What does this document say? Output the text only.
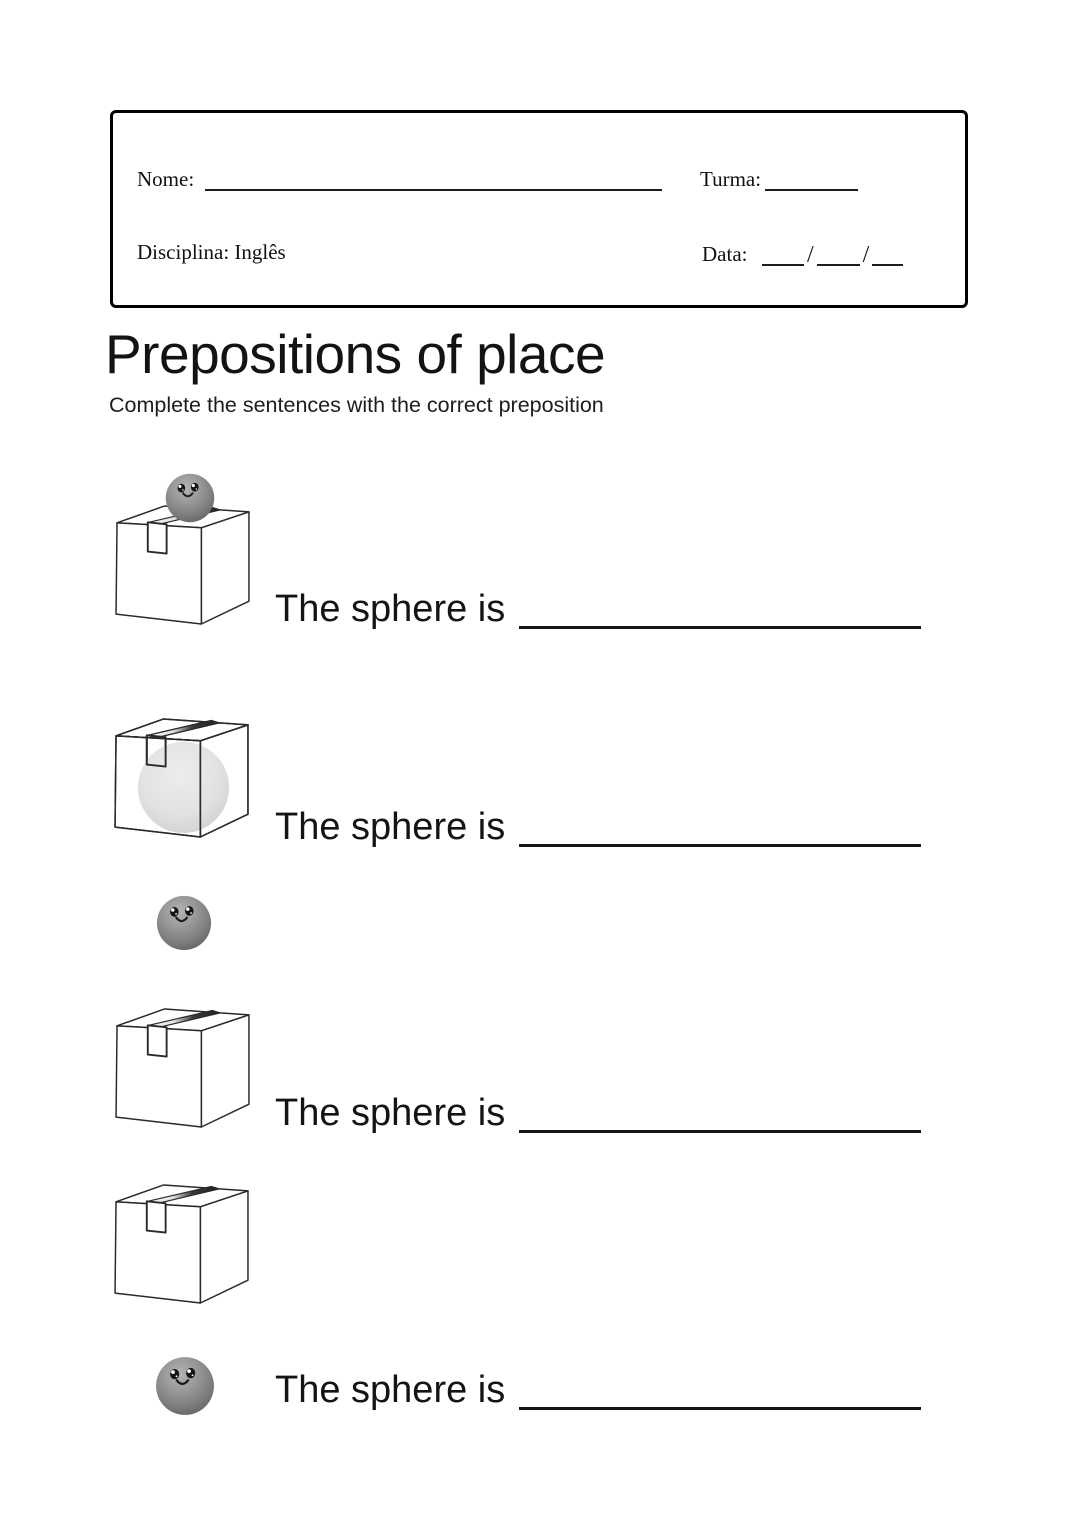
Nome:	Turma:
Disciplina: Inglês	Data: / /
Prepositions of place
Complete the sentences with the correct preposition
The sphere is
The sphere is
The sphere is
The sphere is
